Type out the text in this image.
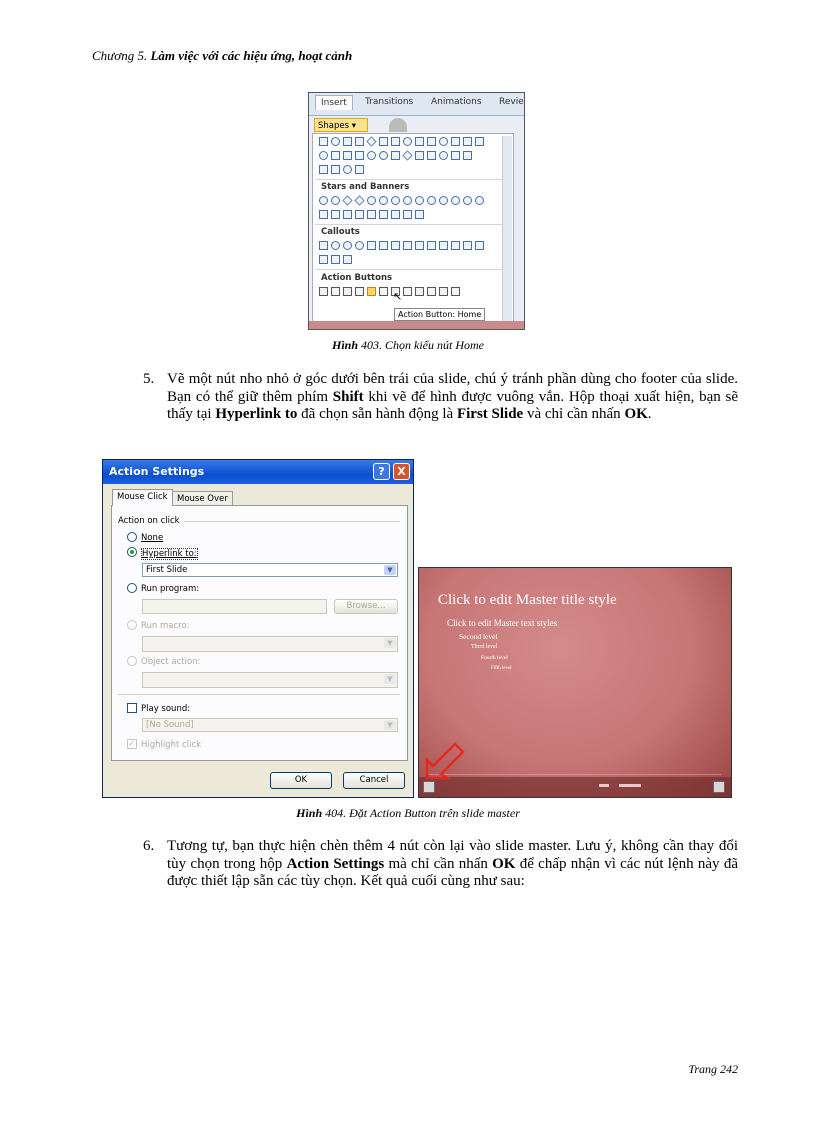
Chương 5. Làm việc với các hiệu ứng, hoạt cảnh
Insert	Transitions Animations Revie
Shapes ▾
Stars and Banners
Callouts
Action Buttons
↖
Action Button: Home
Hình 403. Chọn kiểu nút Home
5. Vẽ một nút nho nhỏ ở góc dưới bên trái của slide, chú ý tránh phần dùng cho footer của slide. Bạn có thể giữ thêm phím Shift khi vẽ để hình được vuông vắn. Hộp thoại xuất hiện, bạn sẽ thấy tại Hyperlink to đã chọn sẵn hành động là First Slide và chỉ cần nhấn OK.
Action Settings	?	X
Mouse Click	Mouse Over
Action on click
None
Hyperlink to:
First Slide	▼
Run program:
Browse...
Run macro:
▼
Object action:
▼
Play sound:
[No Sound]	▼
✓ Highlight click
OK	Cancel
Click to edit Master title style
Click to edit Master text styles
Second level
Third level
Fourth level
Fifth level
Hình 404. Đặt Action Button trên slide master
6. Tương tự, bạn thực hiện chèn thêm 4 nút còn lại vào slide master. Lưu ý, không cần thay đổi tùy chọn trong hộp Action Settings mà chỉ cần nhấn OK để chấp nhận vì các nút lệnh này đã được thiết lập sẵn các tùy chọn. Kết quả cuối cùng như sau:
Trang 242
